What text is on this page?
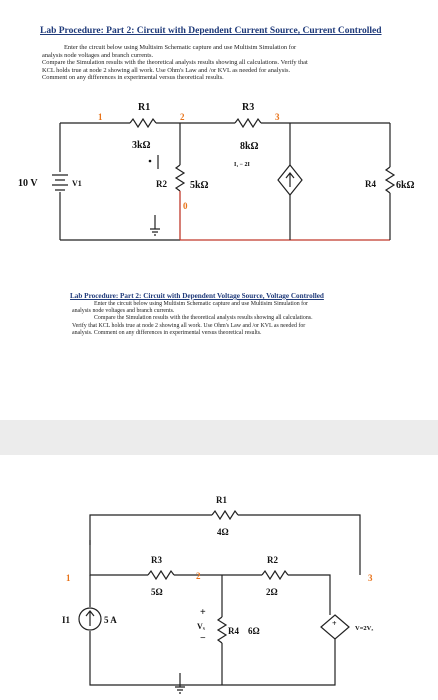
Lab Procedure: Part 2: Circuit with Dependent Current Source, Current Controlled

Enter the circuit below using Multisim Schematic capture and use Multisim Simulation for

analysis node voltages and branch currents.

Compare the Simulation results with the theoretical analysis results showing all calculations. Verify that

KCL holds true at node 2 showing all work. Use Ohm's Law and /or KVL as needed for analysis.

Comment on any differences in experimental versus theoretical results.

R1
3kΩ
R3
8kΩ
I₁ − 2I
10 V	V1	R2 5kΩ	R4 6kΩ
1	2	3
0
Lab Procedure: Part 2: Circuit with Dependent Voltage Source, Voltage Controlled

Enter the circuit below using Multisim Schematic capture and use Multisim Simulation for

analysis node voltages and branch currents.

Compare the Simulation results with the theoretical analysis results showing all calculations.

Verify that KCL holds true at node 2 showing all work. Use Ohm's Law and /or KVL as needed for

analysis. Comment on any differences in experimental versus theoretical results.

+
+
−
R1
4Ω
R3
5Ω
R2
2Ω
R4 6Ω
I1	5 A
Vₓ	V=2Vₓ
1	2	3
